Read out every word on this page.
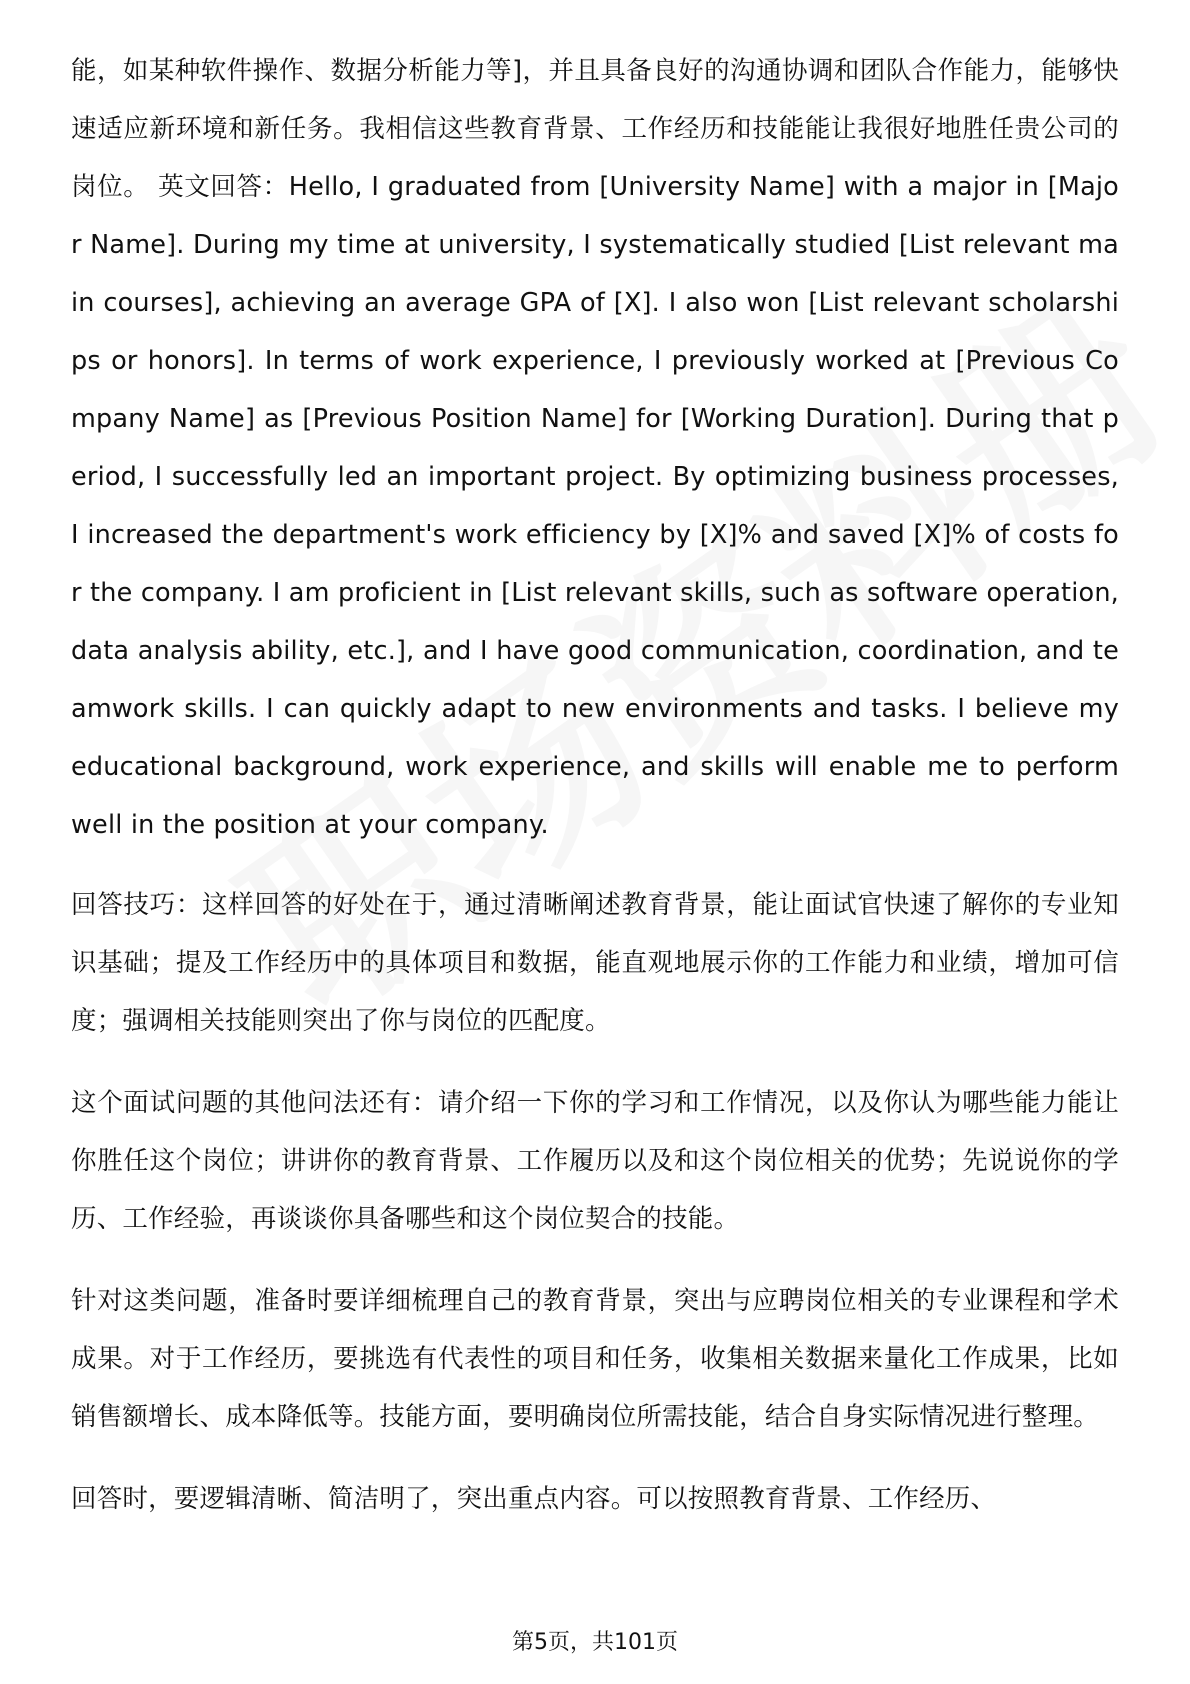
能，如某种软件操作、数据分析能力等]，并且具备良好的沟通协调和团队合作能力，能够快速适应新环境和新任务。我相信这些教育背景、工作经历和技能能让我很好地胜任贵公司的岗位。 英文回答：Hello, I graduated from [University Name] with a major in [Major Name]. During my time at university, I systematically studied [List relevant main courses], achieving an average GPA of [X]. I also won [List relevant scholarships or honors]. In terms of work experience, I previously worked at [Previous Company Name] as [Previous Position Name] for [Working Duration]. During that period, I successfully led an important project. By optimizing business processes, I increased the department's work efficiency by [X]% and saved [X]% of costs for the company. I am proficient in [List relevant skills, such as software operation, data analysis ability, etc.], and I have good communication, coordination, and teamwork skills. I can quickly adapt to new environments and tasks. I believe my educational background, work experience, and skills will enable me to perform well in the position at your company.

回答技巧：这样回答的好处在于，通过清晰阐述教育背景，能让面试官快速了解你的专业知识基础；提及工作经历中的具体项目和数据，能直观地展示你的工作能力和业绩，增加可信度；强调相关技能则突出了你与岗位的匹配度。

这个面试问题的其他问法还有：请介绍一下你的学习和工作情况，以及你认为哪些能力能让你胜任这个岗位；讲讲你的教育背景、工作履历以及和这个岗位相关的优势；先说说你的学历、工作经验，再谈谈你具备哪些和这个岗位契合的技能。

针对这类问题，准备时要详细梳理自己的教育背景，突出与应聘岗位相关的专业课程和学术成果。对于工作经历，要挑选有代表性的项目和任务，收集相关数据来量化工作成果，比如销售额增长、成本降低等。技能方面，要明确岗位所需技能，结合自身实际情况进行整理。

回答时，要逻辑清晰、简洁明了，突出重点内容。可以按照教育背景、工作经历、

第5页，共101页
